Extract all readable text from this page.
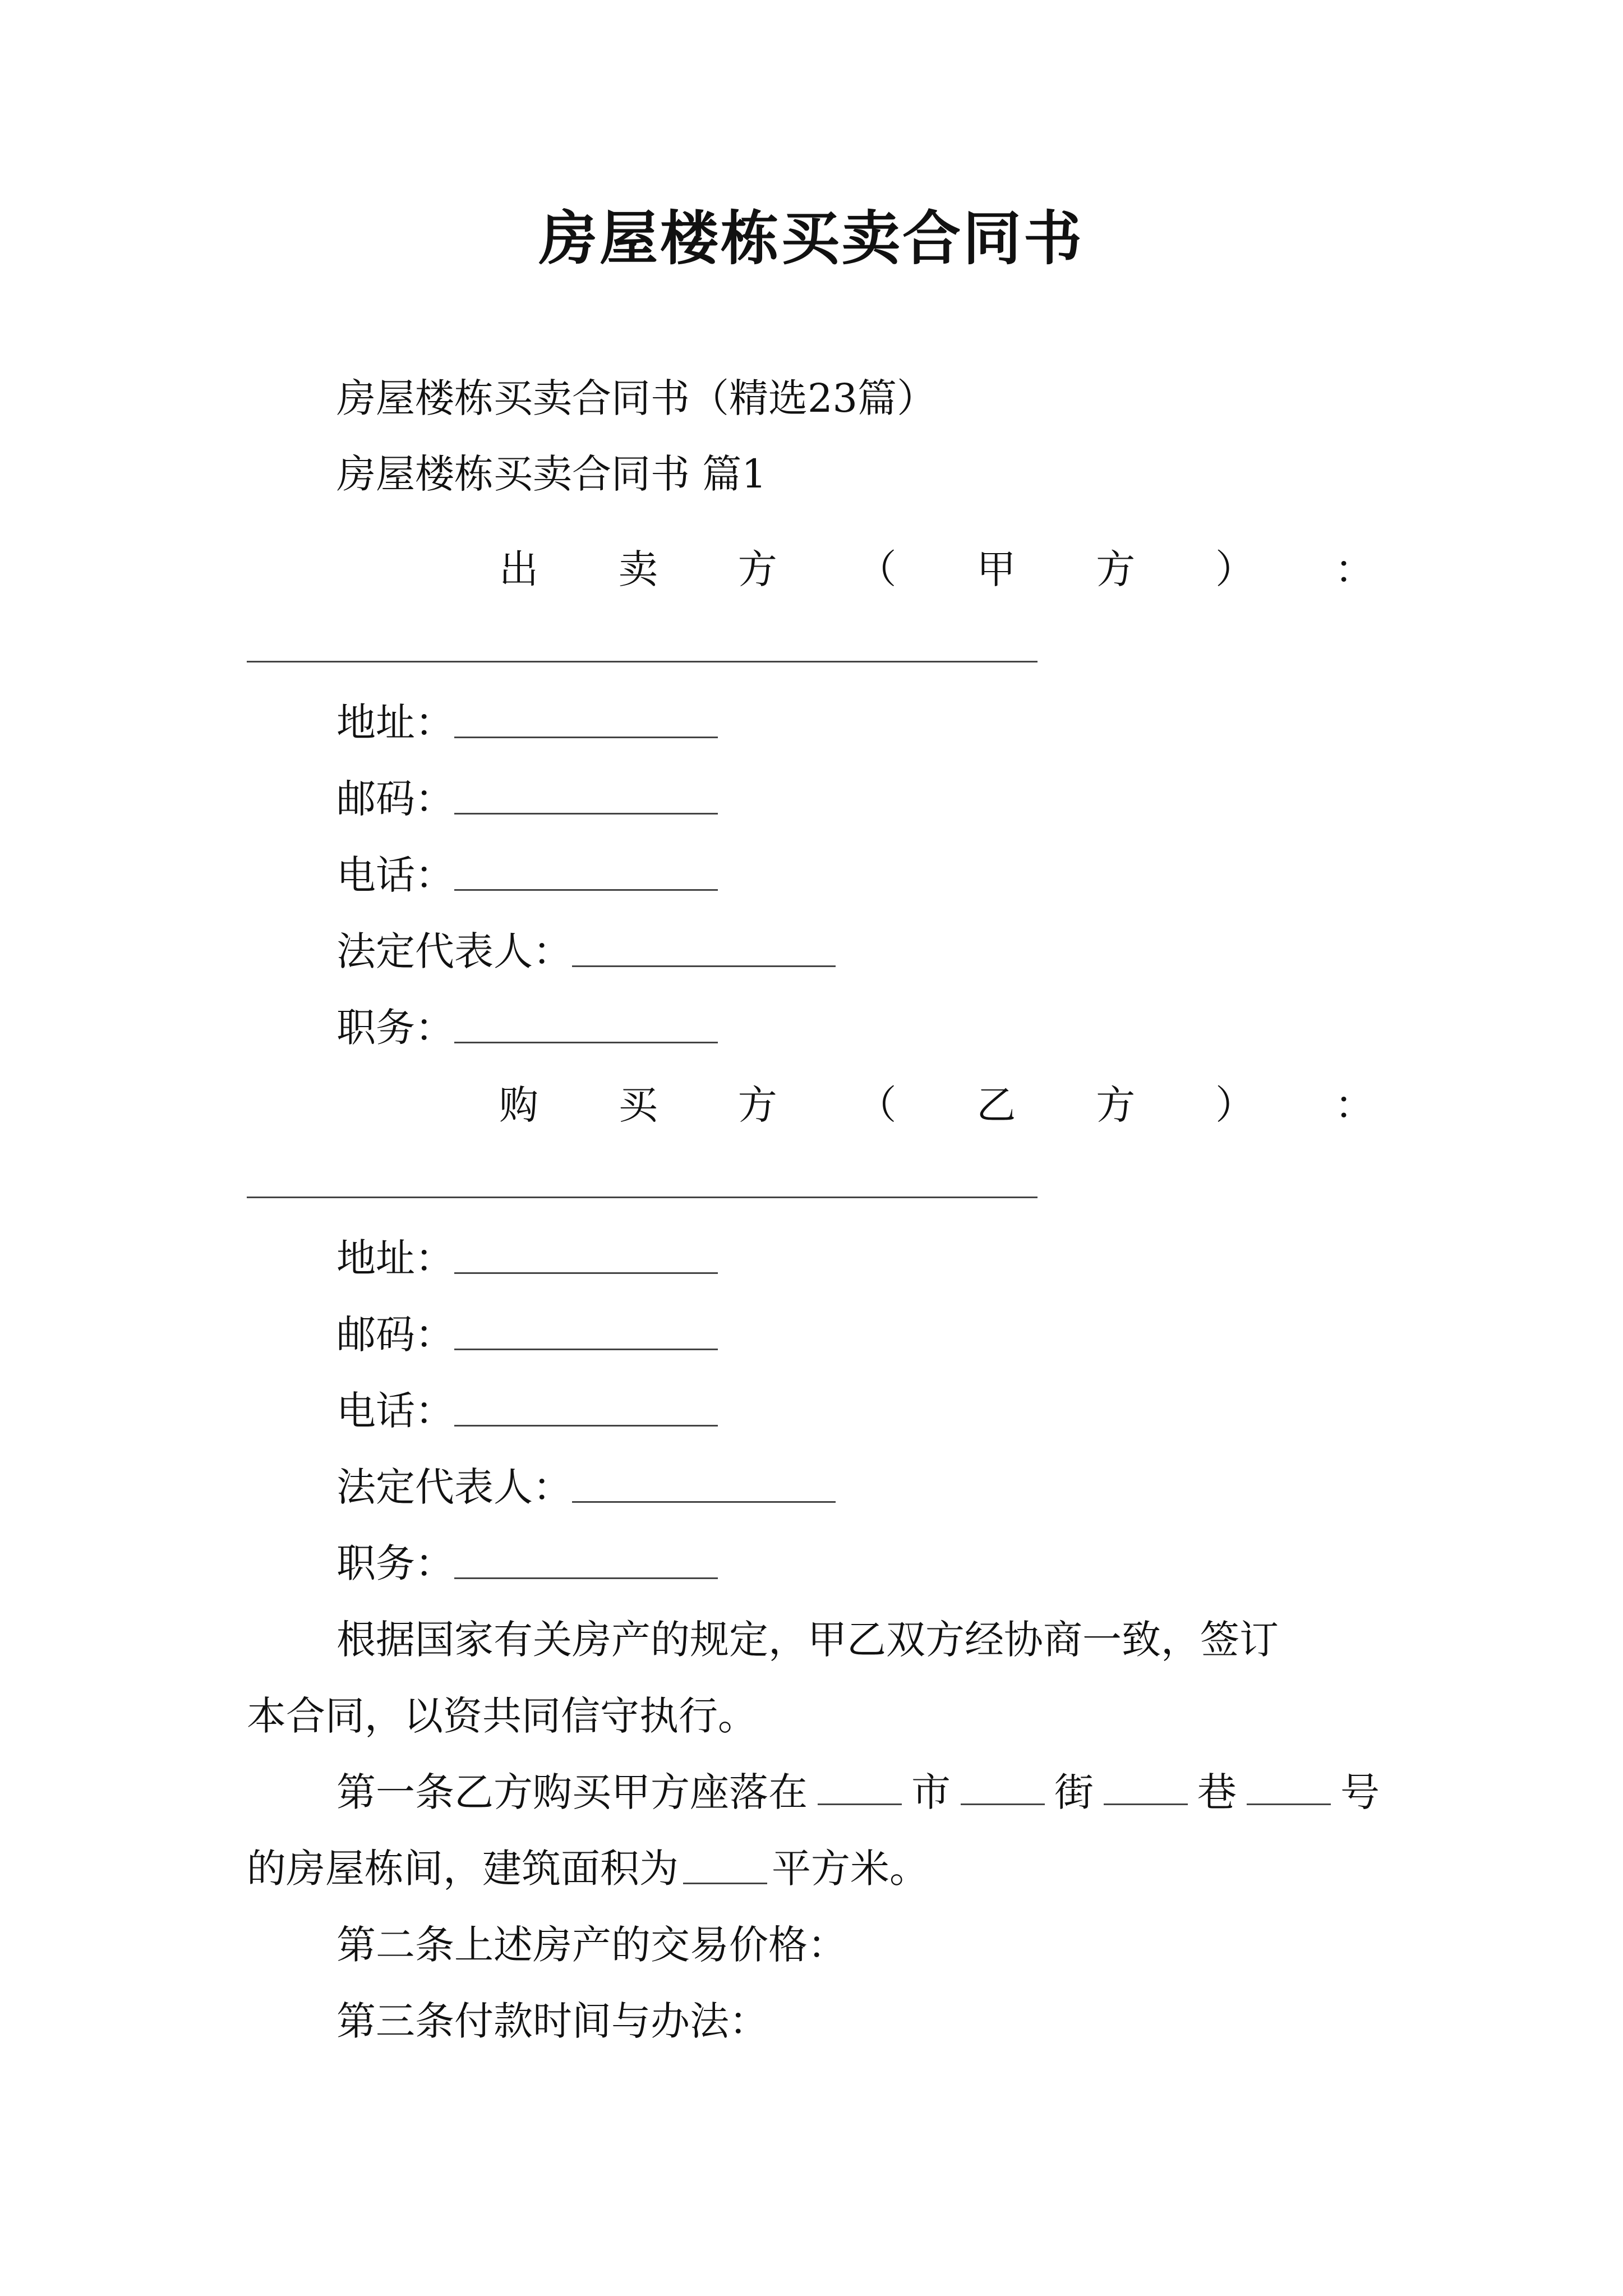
房屋楼栋买卖合同书
房屋楼栋买卖合同书（精选23篇）
房屋楼栋买卖合同书 篇1
出 卖 方 （ 甲 方 ） ：
地址：
邮码：
电话：
法定代表人：
职务：
购 买 方 （ 乙 方 ） ：
地址：
邮码：
电话：
法定代表人：
职务：
根据国家有关房产的规定，甲乙双方经协商一致，签订
本合同，以资共同信守执行。
第一条乙方购买甲方座落在	市	街	巷	号
的房屋栋间，建筑面积为 平方米。
第二条上述房产的交易价格：
第三条付款时间与办法：
